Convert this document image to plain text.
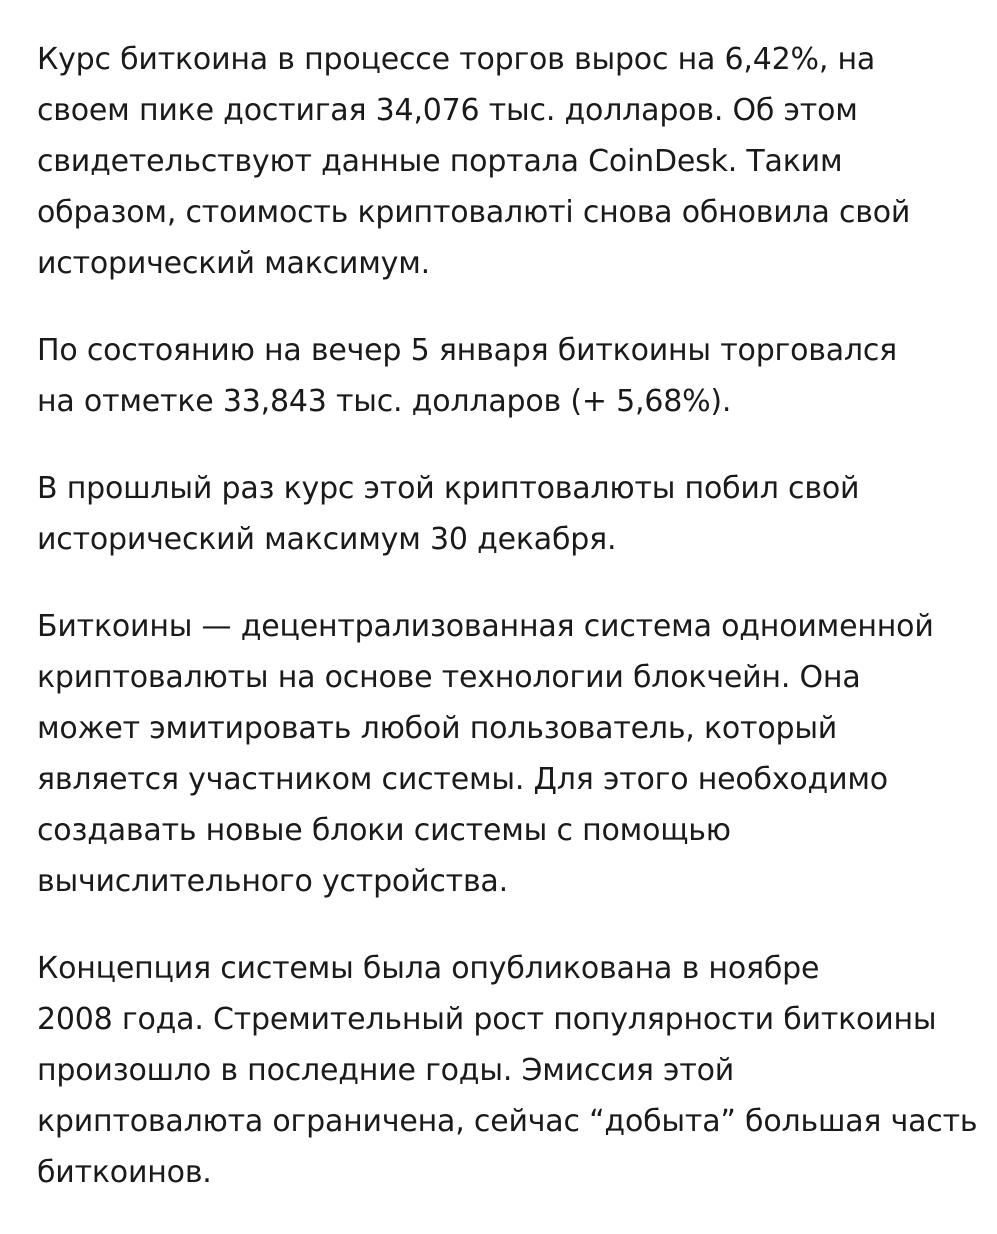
Курс биткоина в процессе торгов вырос на 6,42%, на
своем пике достигая 34,076 тыс. долларов. Об этом
свидетельствуют данные портала CoinDesk. Таким
образом, стоимость криптовалюті снова обновила свой
исторический максимум.

По состоянию на вечер 5 января биткоины торговался
на отметке 33,843 тыс. долларов (+ 5,68%).

В прошлый раз курс этой криптовалюты побил свой
исторический максимум 30 декабря.

Биткоины — децентрализованная система одноименной
криптовалюты на основе технологии блокчейн. Она
может эмитировать любой пользователь, который
является участником системы. Для этого необходимо
создавать новые блоки системы с помощью
вычислительного устройства.

Концепция системы была опубликована в ноябре
2008 года. Стремительный рост популярности биткоины
произошло в последние годы. Эмиссия этой
криптовалюта ограничена, сейчас “добыта” большая часть
биткоинов.
